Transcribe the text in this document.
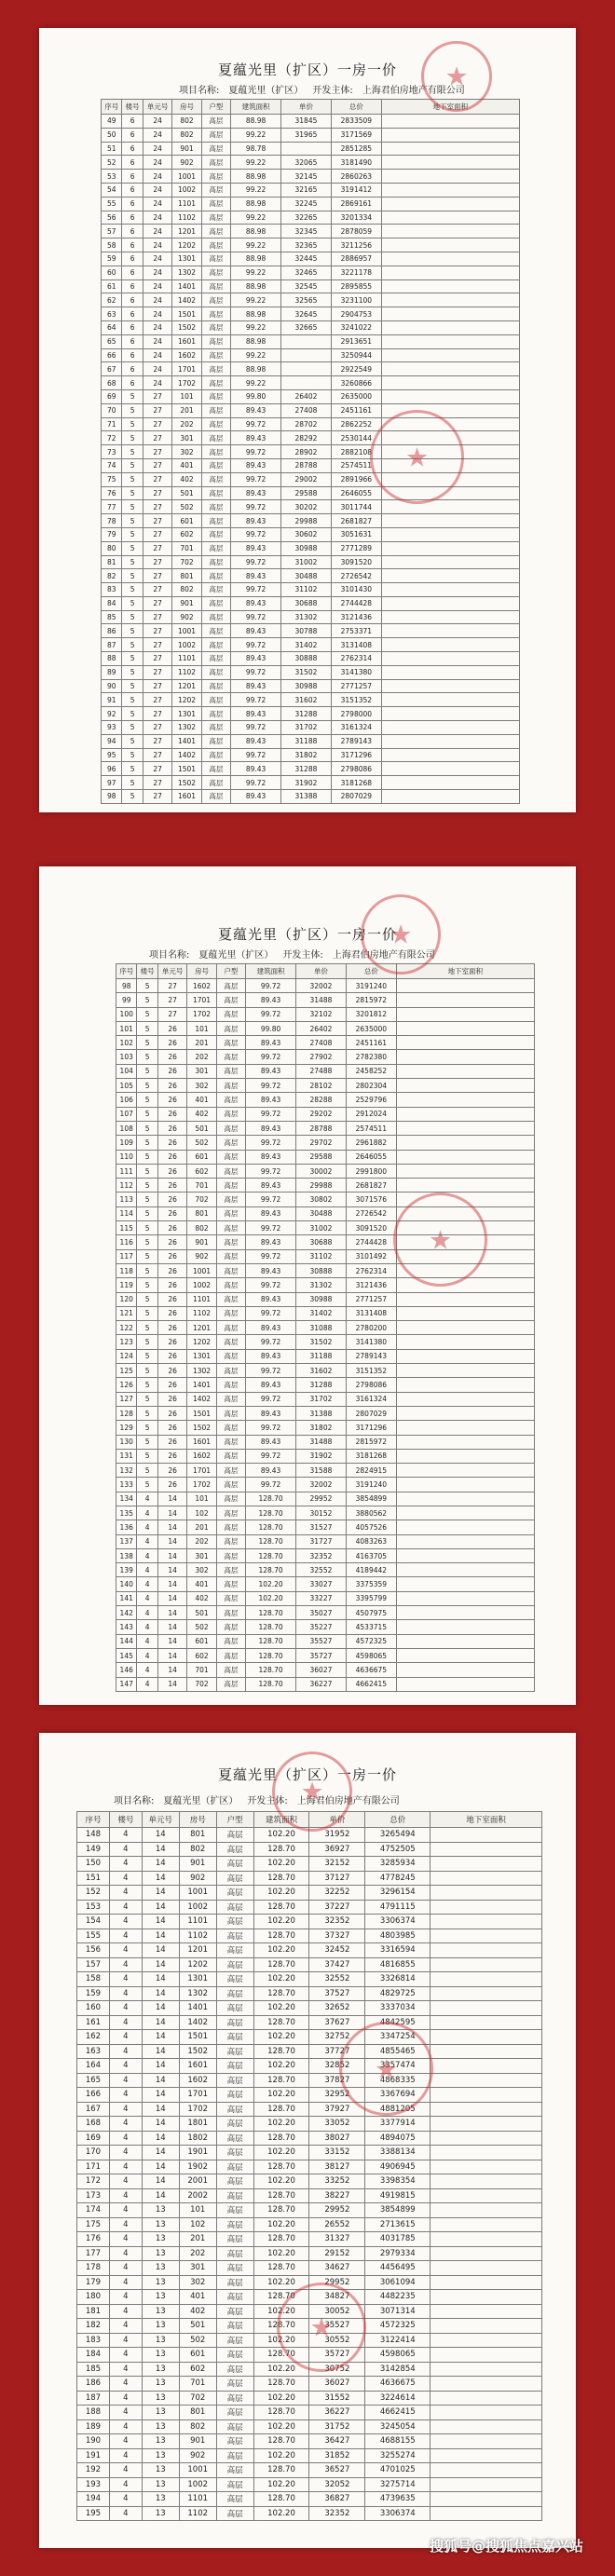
夏蕴光里（扩区）一房一价
项目名称: 夏蕴光里（扩区） 开发主体: 上海君伯房地产有限公司
序号	楼号	单元号	房号	户型	建筑面积	单价	总价	地下室面积
49	6	24	802	高层	88.98	31845	2833509	
50	6	24	802	高层	99.22	31965	3171569	
51	6	24	901	高层	98.78		2851285	
52	6	24	902	高层	99.22	32065	3181490	
53	6	24	1001	高层	88.98	32145	2860263	
54	6	24	1002	高层	99.22	32165	3191412	
55	6	24	1101	高层	88.98	32245	2869161	
56	6	24	1102	高层	99.22	32265	3201334	
57	6	24	1201	高层	88.98	32345	2878059	
58	6	24	1202	高层	99.22	32365	3211256	
59	6	24	1301	高层	88.98	32445	2886957	
60	6	24	1302	高层	99.22	32465	3221178	
61	6	24	1401	高层	88.98	32545	2895855	
62	6	24	1402	高层	99.22	32565	3231100	
63	6	24	1501	高层	88.98	32645	2904753	
64	6	24	1502	高层	99.22	32665	3241022	
65	6	24	1601	高层	88.98		2913651	
66	6	24	1602	高层	99.22		3250944	
67	6	24	1701	高层	88.98		2922549	
68	6	24	1702	高层	99.22		3260866	
69	5	27	101	高层	99.80	26402	2635000	
70	5	27	201	高层	89.43	27408	2451161	
71	5	27	202	高层	99.72	28702	2862252	
72	5	27	301	高层	89.43	28292	2530144	
73	5	27	302	高层	99.72	28902	2882108	
74	5	27	401	高层	89.43	28788	2574511	
75	5	27	402	高层	99.72	29002	2891966	
76	5	27	501	高层	89.43	29588	2646055	
77	5	27	502	高层	99.72	30202	3011744	
78	5	27	601	高层	89.43	29988	2681827	
79	5	27	602	高层	99.72	30602	3051631	
80	5	27	701	高层	89.43	30988	2771289	
81	5	27	702	高层	99.72	31002	3091520	
82	5	27	801	高层	89.43	30488	2726542	
83	5	27	802	高层	99.72	31102	3101430	
84	5	27	901	高层	89.43	30688	2744428	
85	5	27	902	高层	99.72	31302	3121436	
86	5	27	1001	高层	89.43	30788	2753371	
87	5	27	1002	高层	99.72	31402	3131408	
88	5	27	1101	高层	89.43	30888	2762314	
89	5	27	1102	高层	99.72	31502	3141380	
90	5	27	1201	高层	89.43	30988	2771257	
91	5	27	1202	高层	99.72	31602	3151352	
92	5	27	1301	高层	89.43	31288	2798000	
93	5	27	1302	高层	99.72	31702	3161324	
94	5	27	1401	高层	89.43	31188	2789143	
95	5	27	1402	高层	99.72	31802	3171296	
96	5	27	1501	高层	89.43	31288	2798086	
97	5	27	1502	高层	99.72	31902	3181268	
98	5	27	1601	高层	89.43	31388	2807029	
★
★
夏蕴光里（扩区）一房一价
项目名称: 夏蕴光里（扩区） 开发主体: 上海君伯房地产有限公司
序号	楼号	单元号	房号	户型	建筑面积	单价	总价	地下室面积
98	5	27	1602	高层	99.72	32002	3191240	
99	5	27	1701	高层	89.43	31488	2815972	
100	5	27	1702	高层	99.72	32102	3201812	
101	5	26	101	高层	99.80	26402	2635000	
102	5	26	201	高层	89.43	27408	2451161	
103	5	26	202	高层	99.72	27902	2782380	
104	5	26	301	高层	89.43	27488	2458252	
105	5	26	302	高层	99.72	28102	2802304	
106	5	26	401	高层	89.43	28288	2529796	
107	5	26	402	高层	99.72	29202	2912024	
108	5	26	501	高层	89.43	28788	2574511	
109	5	26	502	高层	99.72	29702	2961882	
110	5	26	601	高层	89.43	29588	2646055	
111	5	26	602	高层	99.72	30002	2991800	
112	5	26	701	高层	89.43	29988	2681827	
113	5	26	702	高层	99.72	30802	3071576	
114	5	26	801	高层	89.43	30488	2726542	
115	5	26	802	高层	99.72	31002	3091520	
116	5	26	901	高层	89.43	30688	2744428	
117	5	26	902	高层	99.72	31102	3101492	
118	5	26	1001	高层	89.43	30888	2762314	
119	5	26	1002	高层	99.72	31302	3121436	
120	5	26	1101	高层	89.43	30988	2771257	
121	5	26	1102	高层	99.72	31402	3131408	
122	5	26	1201	高层	89.43	31088	2780200	
123	5	26	1202	高层	99.72	31502	3141380	
124	5	26	1301	高层	89.43	31188	2789143	
125	5	26	1302	高层	99.72	31602	3151352	
126	5	26	1401	高层	89.43	31288	2798086	
127	5	26	1402	高层	99.72	31702	3161324	
128	5	26	1501	高层	89.43	31388	2807029	
129	5	26	1502	高层	99.72	31802	3171296	
130	5	26	1601	高层	89.43	31488	2815972	
131	5	26	1602	高层	99.72	31902	3181268	
132	5	26	1701	高层	89.43	31588	2824915	
133	5	26	1702	高层	99.72	32002	3191240	
134	4	14	101	高层	128.70	29952	3854899	
135	4	14	102	高层	128.70	30152	3880562	
136	4	14	201	高层	128.70	31527	4057526	
137	4	14	202	高层	128.70	31727	4083263	
138	4	14	301	高层	128.70	32352	4163705	
139	4	14	302	高层	128.70	32552	4189442	
140	4	14	401	高层	102.20	33027	3375359	
141	4	14	402	高层	102.20	33227	3395799	
142	4	14	501	高层	128.70	35027	4507975	
143	4	14	502	高层	128.70	35227	4533715	
144	4	14	601	高层	128.70	35527	4572325	
145	4	14	602	高层	128.70	35727	4598065	
146	4	14	701	高层	128.70	36027	4636675	
147	4	14	702	高层	128.70	36227	4662415	
★
★
夏蕴光里（扩区）一房一价
项目名称: 夏蕴光里（扩区） 开发主体: 上海君伯房地产有限公司
序号	楼号	单元号	房号	户型	建筑面积	单价	总价	地下室面积
148	4	14	801	高层	102.20	31952	3265494	
149	4	14	802	高层	128.70	36927	4752505	
150	4	14	901	高层	102.20	32152	3285934	
151	4	14	902	高层	128.70	37127	4778245	
152	4	14	1001	高层	102.20	32252	3296154	
153	4	14	1002	高层	128.70	37227	4791115	
154	4	14	1101	高层	102.20	32352	3306374	
155	4	14	1102	高层	128.70	37327	4803985	
156	4	14	1201	高层	102.20	32452	3316594	
157	4	14	1202	高层	128.70	37427	4816855	
158	4	14	1301	高层	102.20	32552	3326814	
159	4	14	1302	高层	128.70	37527	4829725	
160	4	14	1401	高层	102.20	32652	3337034	
161	4	14	1402	高层	128.70	37627	4842595	
162	4	14	1501	高层	102.20	32752	3347254	
163	4	14	1502	高层	128.70	37727	4855465	
164	4	14	1601	高层	102.20	32852	3357474	
165	4	14	1602	高层	128.70	37827	4868335	
166	4	14	1701	高层	102.20	32952	3367694	
167	4	14	1702	高层	128.70	37927	4881205	
168	4	14	1801	高层	102.20	33052	3377914	
169	4	14	1802	高层	128.70	38027	4894075	
170	4	14	1901	高层	102.20	33152	3388134	
171	4	14	1902	高层	128.70	38127	4906945	
172	4	14	2001	高层	102.20	33252	3398354	
173	4	14	2002	高层	128.70	38227	4919815	
174	4	13	101	高层	128.70	29952	3854899	
175	4	13	102	高层	102.20	26552	2713615	
176	4	13	201	高层	128.70	31327	4031785	
177	4	13	202	高层	102.20	29152	2979334	
178	4	13	301	高层	128.70	34627	4456495	
179	4	13	302	高层	102.20	29952	3061094	
180	4	13	401	高层	128.70	34827	4482235	
181	4	13	402	高层	102.20	30052	3071314	
182	4	13	501	高层	128.70	35527	4572325	
183	4	13	502	高层	102.20	30552	3122414	
184	4	13	601	高层	128.70	35727	4598065	
185	4	13	602	高层	102.20	30752	3142854	
186	4	13	701	高层	128.70	36027	4636675	
187	4	13	702	高层	102.20	31552	3224614	
188	4	13	801	高层	128.70	36227	4662415	
189	4	13	802	高层	102.20	31752	3245054	
190	4	13	901	高层	128.70	36427	4688155	
191	4	13	902	高层	102.20	31852	3255274	
192	4	13	1001	高层	128.70	36527	4701025	
193	4	13	1002	高层	102.20	32052	3275714	
194	4	13	1101	高层	128.70	36827	4739635	
195	4	13	1102	高层	102.20	32352	3306374	
★
★
★
搜狐号@搜狐焦点嘉兴站
